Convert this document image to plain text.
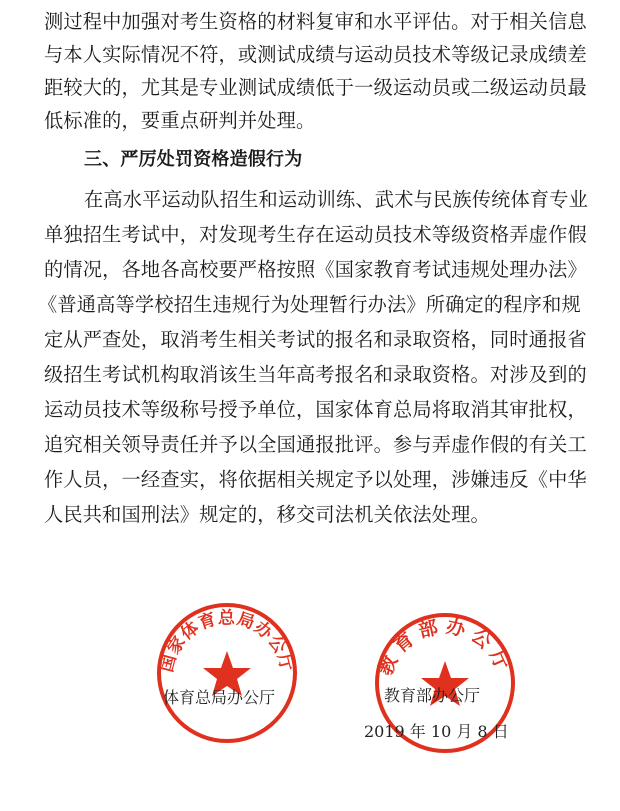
测过程中加强对考生资格的材料复审和水平评估。对于相关信息
与本人实际情况不符，或测试成绩与运动员技术等级记录成绩差
距较大的，尤其是专业测试成绩低于一级运动员或二级运动员最
低标准的，要重点研判并处理。
三、严厉处罚资格造假行为
在高水平运动队招生和运动训练、武术与民族传统体育专业
单独招生考试中，对发现考生存在运动员技术等级资格弄虚作假
的情况，各地各高校要严格按照《国家教育考试违规处理办法》
《普通高等学校招生违规行为处理暂行办法》所确定的程序和规
定从严查处，取消考生相关考试的报名和录取资格，同时通报省
级招生考试机构取消该生当年高考报名和录取资格。对涉及到的
运动员技术等级称号授予单位，国家体育总局将取消其审批权，
追究相关领导责任并予以全国通报批评。参与弄虚作假的有关工
作人员，一经查实，将依据相关规定予以处理，涉嫌违反《中华
人民共和国刑法》规定的，移交司法机关依法处理。
国家体育总局办公厅	教育部办公厅
体育总局办公厅	教育部办公厅
2019 年 10 月 8 日
